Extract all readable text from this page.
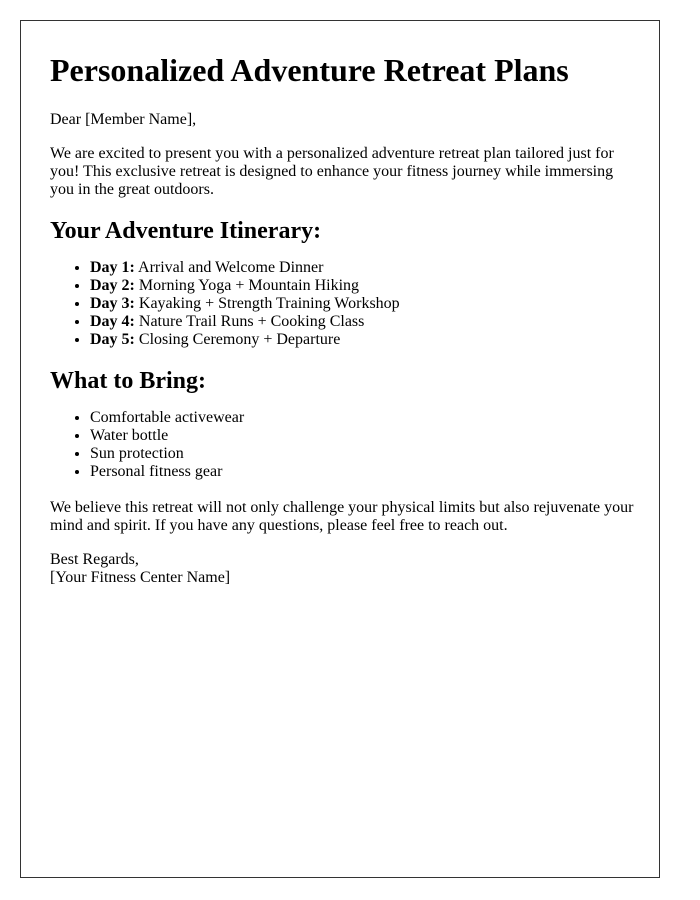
Personalized Adventure Retreat Plans

Dear [Member Name],

We are excited to present you with a personalized adventure retreat plan tailored just for you! This exclusive retreat is designed to enhance your fitness journey while immersing you in the great outdoors.

Your Adventure Itinerary:
• Day 1: Arrival and Welcome Dinner
• Day 2: Morning Yoga + Mountain Hiking
• Day 3: Kayaking + Strength Training Workshop
• Day 4: Nature Trail Runs + Cooking Class
• Day 5: Closing Ceremony + Departure
What to Bring:
• Comfortable activewear
• Water bottle
• Sun protection
• Personal fitness gear

We believe this retreat will not only challenge your physical limits but also rejuvenate your mind and spirit. If you have any questions, please feel free to reach out.

Best Regards,
[Your Fitness Center Name]
